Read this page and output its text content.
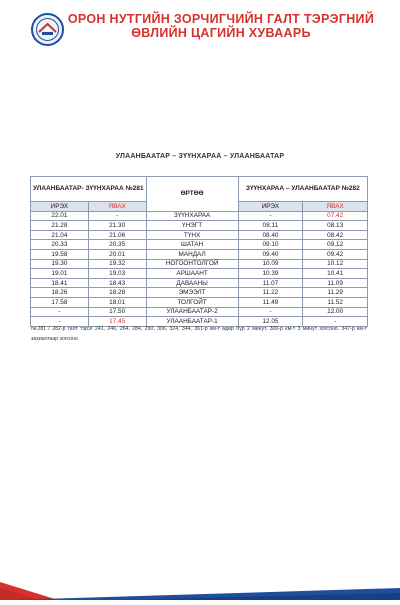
ОРОН НУТГИЙН ЗОРЧИГЧИЙН ГАЛТ ТЭРЭГНИЙ
ӨВЛИЙН ЦАГИЙН ХУВААРЬ
УЛААНБААТАР – ЗҮҮНХАРАА – УЛААНБААТАР
УЛААНБААТАР- ЗҮҮНХАРАА №281		ӨРТӨӨ	ЗҮҮНХАРАА – УЛААНБААТАР №282	
ИРЭХ	ЯВАХ		ИРЭХ	ЯВАХ
22.01	-	ЗҮҮНХАРАА	-	07.42
21.28	21.30	ҮНЭГТ	08.11	08.13
21.04	21.06	ТҮНХ	08.40	08.42
20.33	20.35	ШАТАН	09.10	09.12
19.58	20.01	МАНДАЛ	09.40	09.42
19.30	19.32	НОГООНТОЛГОЙ	10.09	10.12
19.01	19.03	АРШААНТ	10.39	10.41
18.41	18.43	ДАВААНЫ	11.07	11.09
18.26	18.28	ЭМЭЭЛТ	11.22	11.29
17.58	18.01	ТОЛГОЙТ	11.49	11.52
-	17.50	УЛААНБААТАР-2	-	12.00
-	17.45	УЛААНБААТАР-1	12.05	-
№281 / 282-р галт тэрэг 241, 246, 264, 284, 290, 306, 324, 344, 361-р км-т өдөр бүр 2 минут, 300-р км-т 3 минут зогсоно. 347-р км-т захиалгаар зогсоно.
